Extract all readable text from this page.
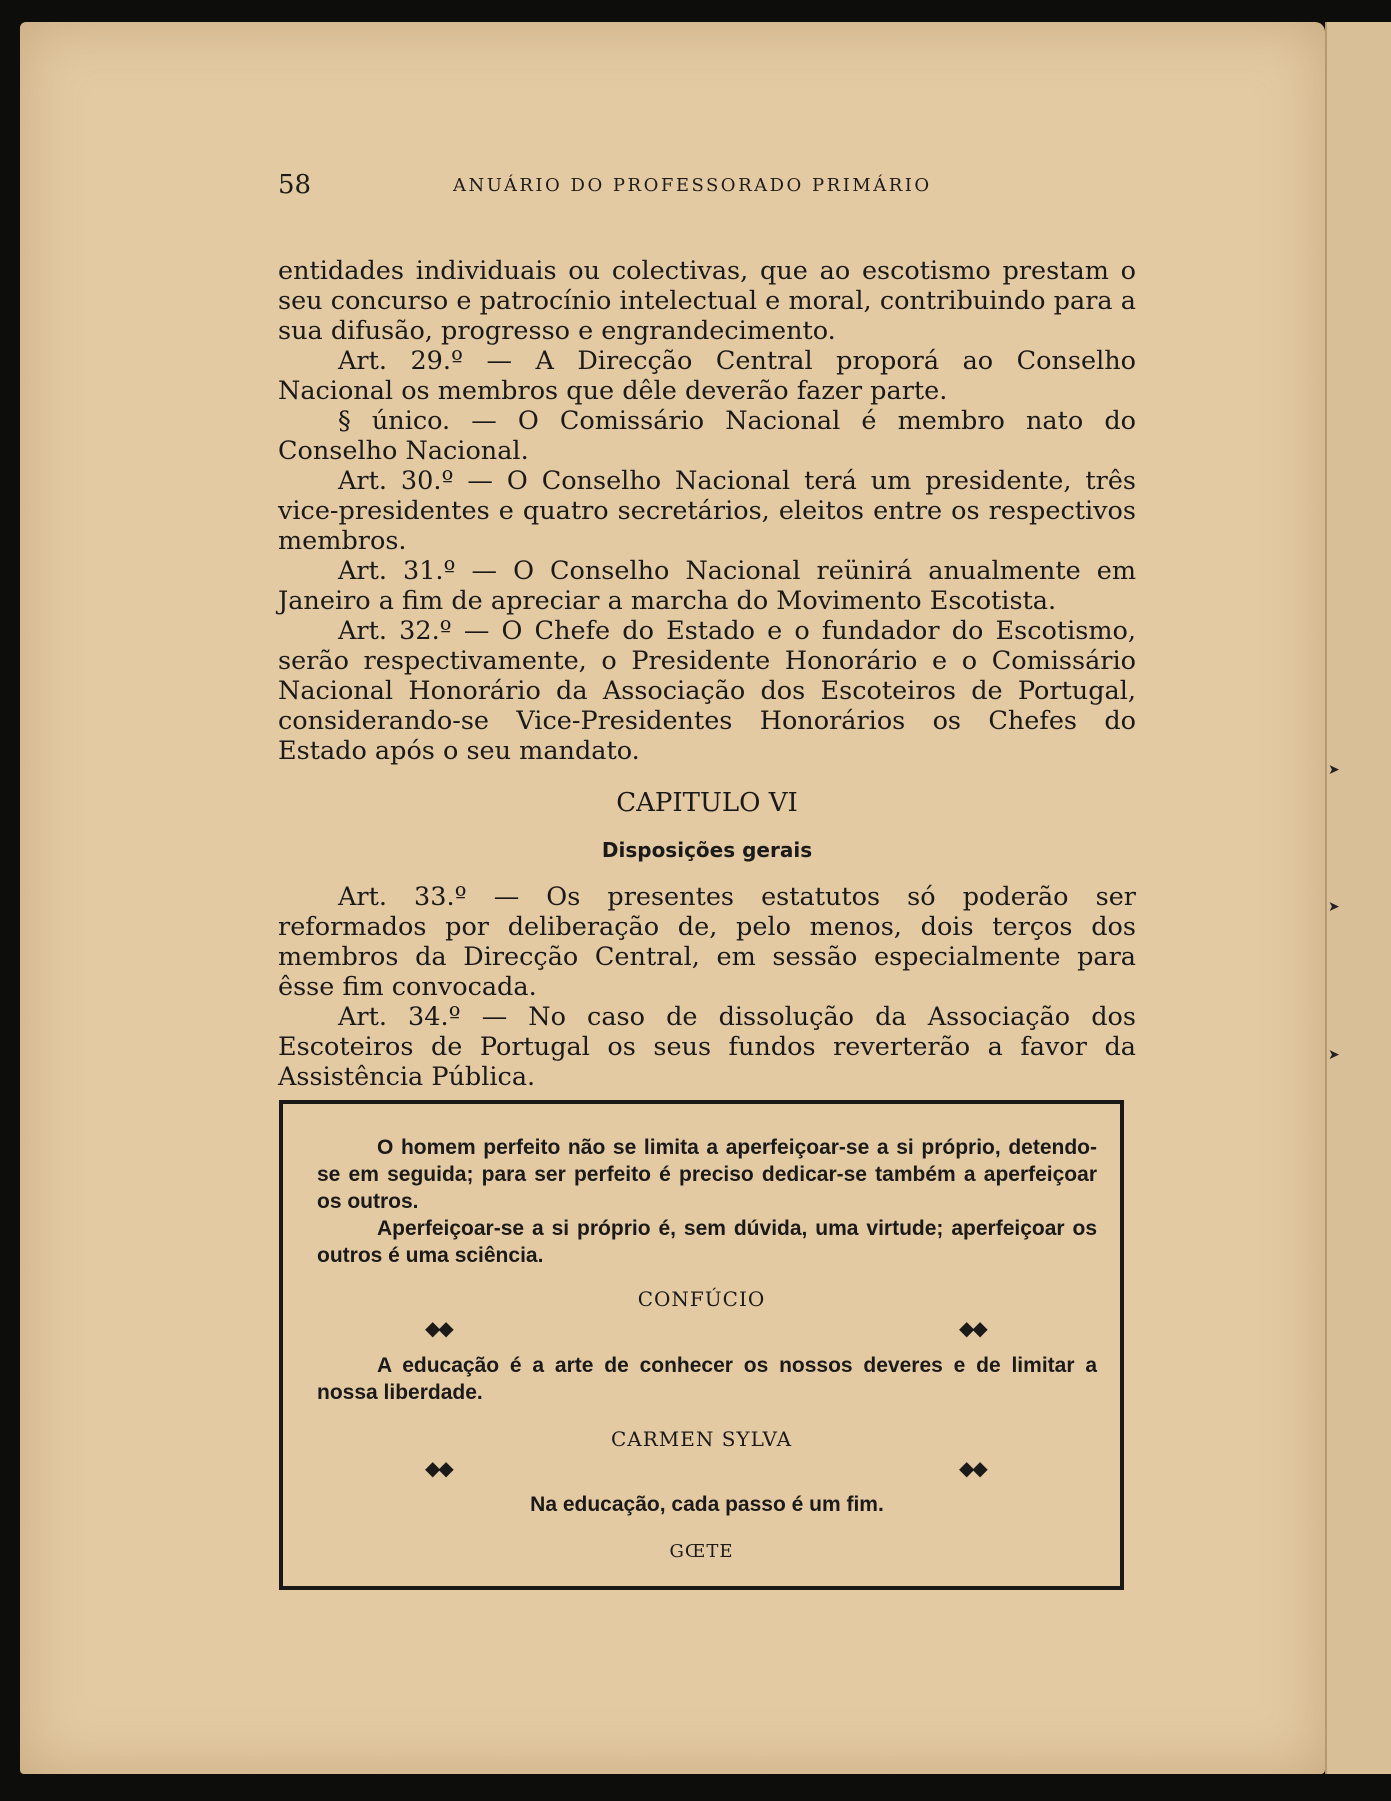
➤
➤
➤
58	ANUÁRIO DO PROFESSORADO PRIMÁRIO

entidades individuais ou colectivas, que ao escotismo prestam o seu concurso e patrocínio intelectual e moral, contribuindo para a sua difusão, progresso e engrandecimento.

Art. 29.º — A Direcção Central proporá ao Conselho Nacional os membros que dêle deverão fazer parte.

§ único. — O Comissário Nacional é membro nato do Conselho Nacional.

Art. 30.º — O Conselho Nacional terá um presidente, três vice-presidentes e quatro secretários, eleitos entre os respectivos membros.

Art. 31.º — O Conselho Nacional reünirá anualmente em Janeiro a fim de apreciar a marcha do Movimento Escotista.

Art. 32.º — O Chefe do Estado e o fundador do Escotismo, serão respectivamente, o Presidente Honorário e o Comissário Nacional Honorário da Associação dos Escoteiros de Portugal, considerando-se Vice-Presidentes Honorários os Chefes do Estado após o seu mandato.

CAPITULO VI
Disposições gerais

Art. 33.º — Os presentes estatutos só poderão ser reformados por deliberação de, pelo menos, dois terços dos membros da Direcção Central, em sessão especialmente para êsse fim convocada.

Art. 34.º — No caso de dissolução da Associação dos Escoteiros de Portugal os seus fundos reverterão a favor da Assistência Pública.

O homem perfeito não se limita a aperfeiçoar-se a si próprio, detendo-se em seguida; para ser perfeito é preciso dedicar-se também a aperfeiçoar os outros.

Aperfeiçoar-se a si próprio é, sem dúvida, uma virtude; aperfeiçoar os outros é uma sciência.

CONFÚCIO
◆◆	◆◆

A educação é a arte de conhecer os nossos deveres e de limitar a nossa liberdade.

CARMEN SYLVA
◆◆	◆◆

Na educação, cada passo é um fim.

GŒTE
